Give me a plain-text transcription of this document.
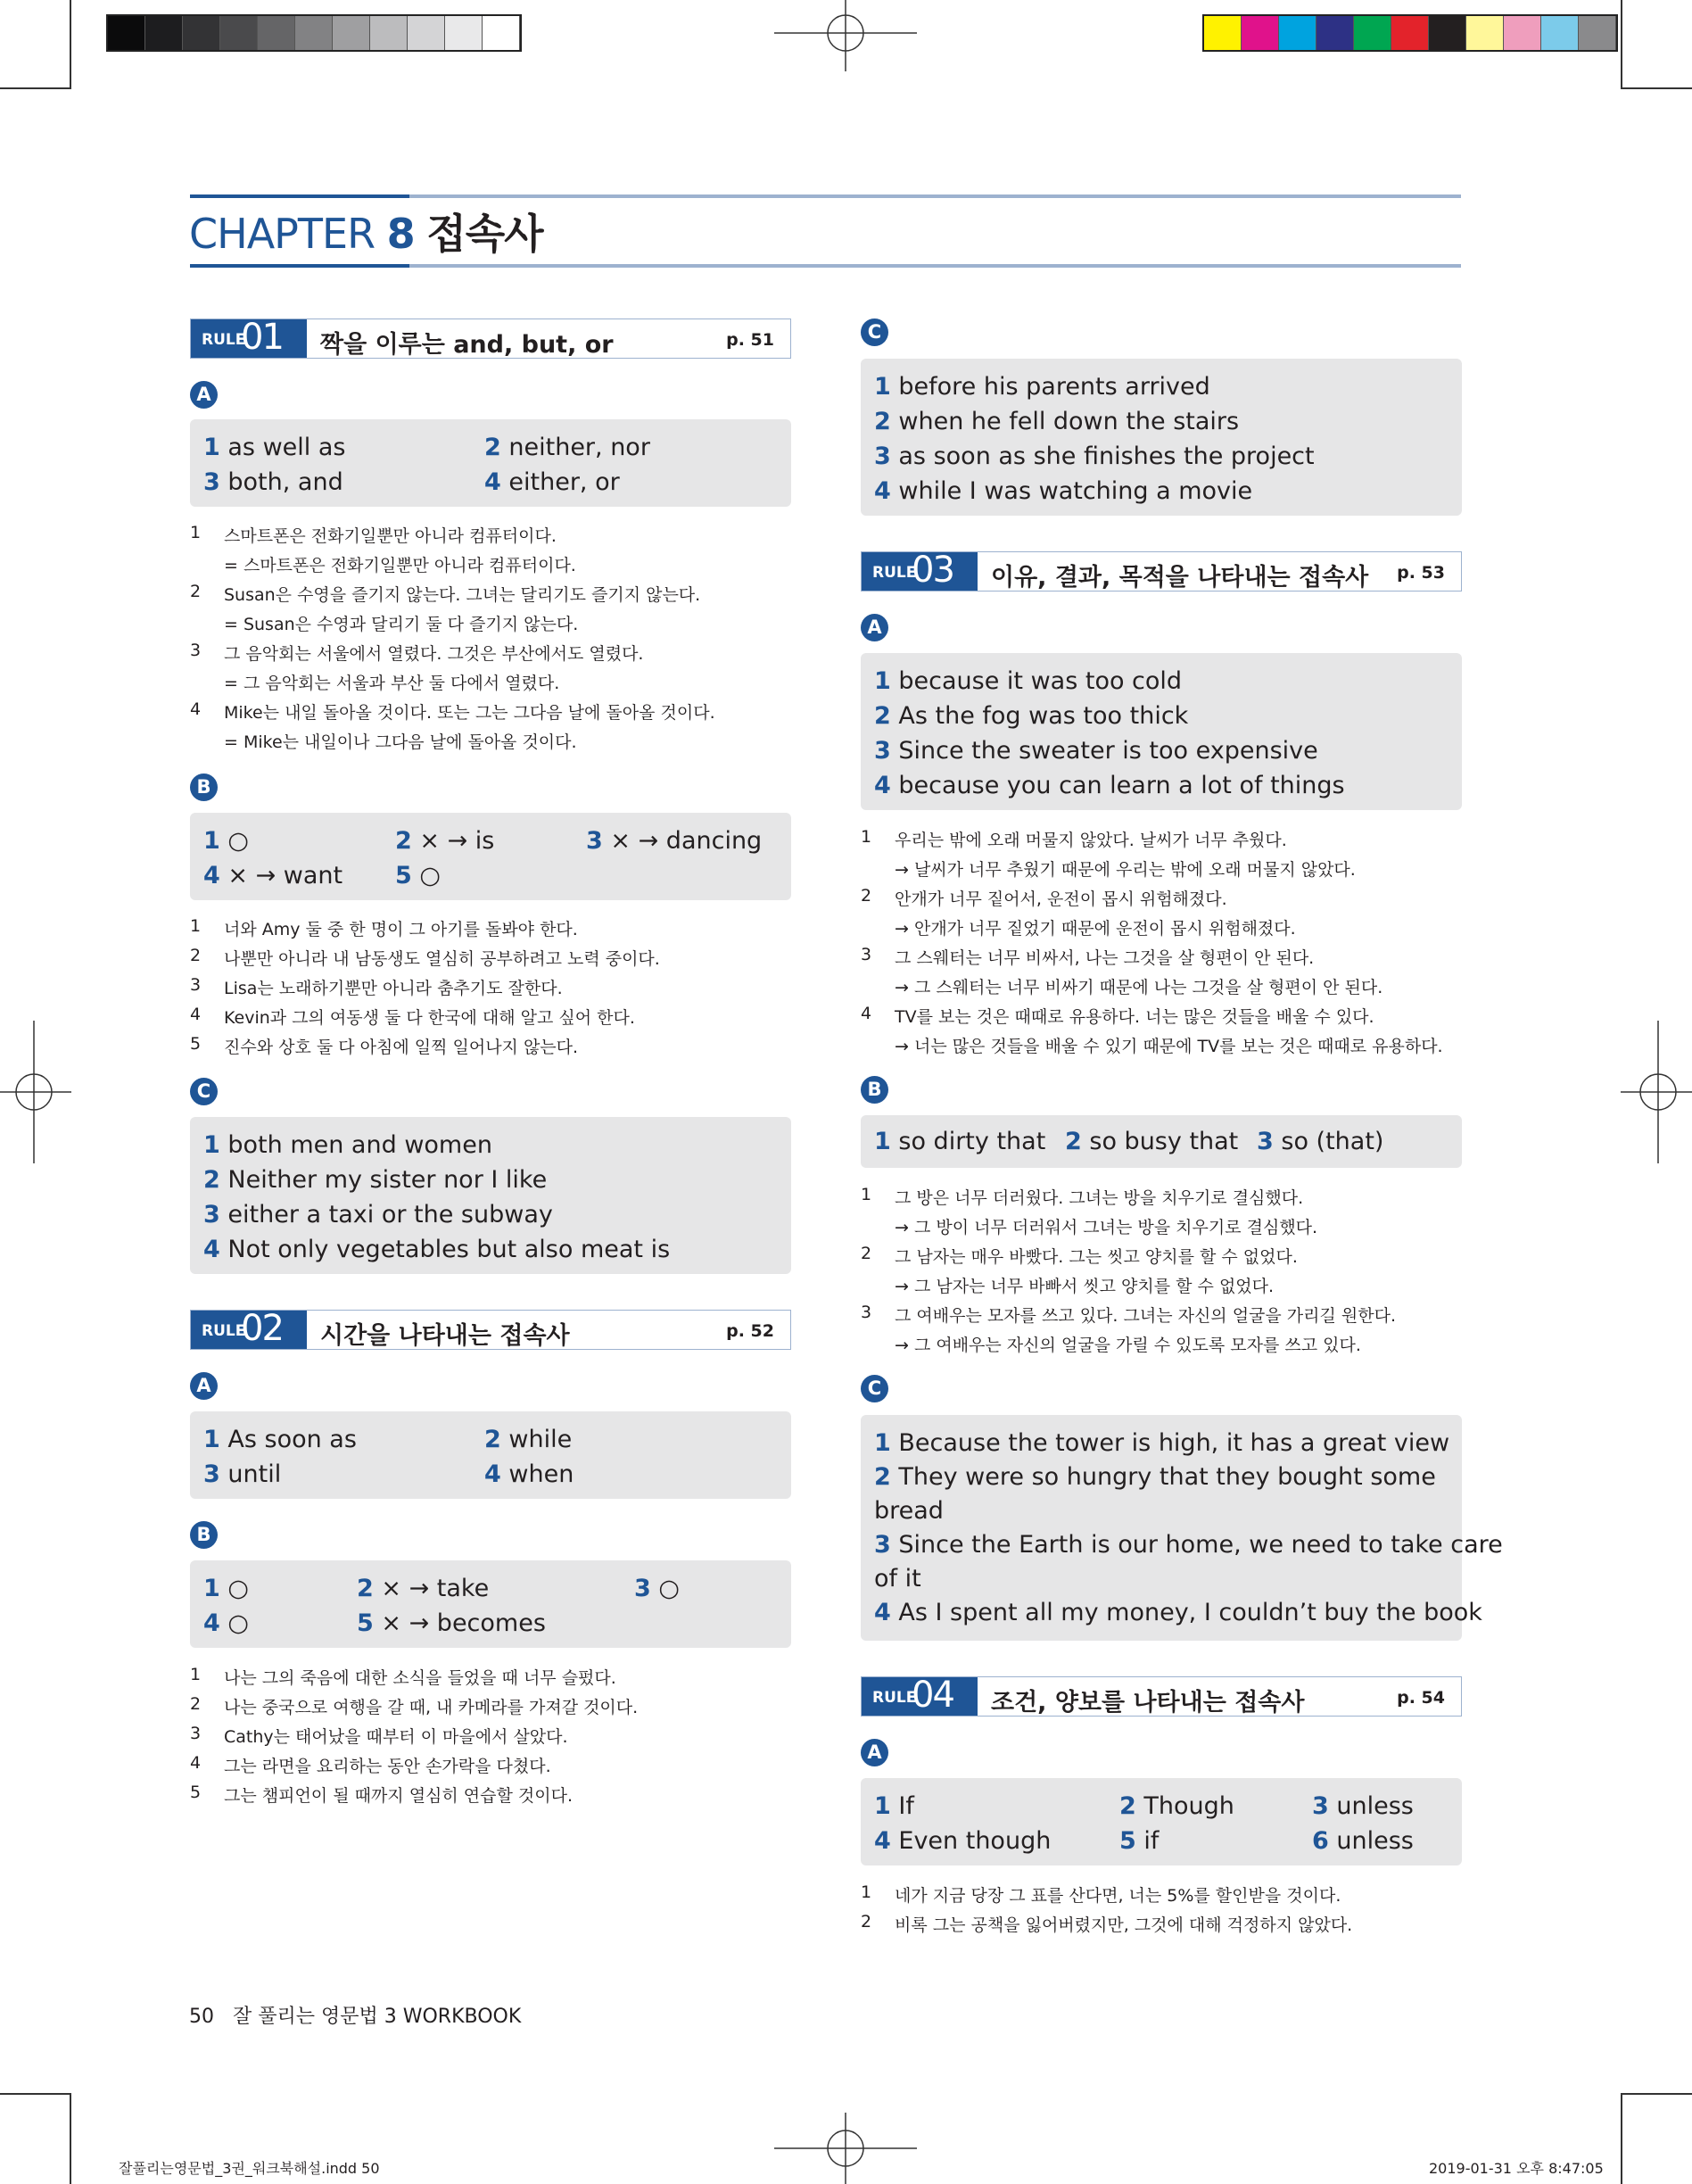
CHAPTER 8 접속사
RULE
01 짝을 이루는 and, but, or	p. 51
A
1 as well as	2 neither, nor
3 both, and	4 either, or
1 스마트폰은 전화기일뿐만 아니라 컴퓨터이다.
= 스마트폰은 전화기일뿐만 아니라 컴퓨터이다.
2 Susan은 수영을 즐기지 않는다. 그녀는 달리기도 즐기지 않는다.
= Susan은 수영과 달리기 둘 다 즐기지 않는다.
3 그 음악회는 서울에서 열렸다. 그것은 부산에서도 열렸다.
= 그 음악회는 서울과 부산 둘 다에서 열렸다.
4 Mike는 내일 돌아올 것이다. 또는 그는 그다음 날에 돌아올 것이다.
= Mike는 내일이나 그다음 날에 돌아올 것이다.
B
1 ○	2 × → is	3 × → dancing
4 × → want 5 ○
1 너와 Amy 둘 중 한 명이 그 아기를 돌봐야 한다.
2 나뿐만 아니라 내 남동생도 열심히 공부하려고 노력 중이다.
3 Lisa는 노래하기뿐만 아니라 춤추기도 잘한다.
4 Kevin과 그의 여동생 둘 다 한국에 대해 알고 싶어 한다.
5 진수와 상호 둘 다 아침에 일찍 일어나지 않는다.
C
1 both men and women
2 Neither my sister nor I like
3 either a taxi or the subway
4 Not only vegetables but also meat is
RULE
02 시간을 나타내는 접속사	p. 52
A
1 As soon as	2 while
3 until	4 when
B
1 ○	2 × → take	3 ○
4 ○	5 × → becomes
1 나는 그의 죽음에 대한 소식을 들었을 때 너무 슬펐다.
2 나는 중국으로 여행을 갈 때, 내 카메라를 가져갈 것이다.
3 Cathy는 태어났을 때부터 이 마을에서 살았다.
4 그는 라면을 요리하는 동안 손가락을 다쳤다.
5 그는 챔피언이 될 때까지 열심히 연습할 것이다.
C
1 before his parents arrived
2 when he fell down the stairs
3 as soon as she finishes the project
4 while I was watching a movie
RULE
03 이유, 결과, 목적을 나타내는 접속사 p. 53
A
1 because it was too cold
2 As the fog was too thick
3 Since the sweater is too expensive
4 because you can learn a lot of things
1 우리는 밖에 오래 머물지 않았다. 날씨가 너무 추웠다.
→ 날씨가 너무 추웠기 때문에 우리는 밖에 오래 머물지 않았다.
2 안개가 너무 짙어서, 운전이 몹시 위험해졌다.
→ 안개가 너무 짙었기 때문에 운전이 몹시 위험해졌다.
3 그 스웨터는 너무 비싸서, 나는 그것을 살 형편이 안 된다.
→ 그 스웨터는 너무 비싸기 때문에 나는 그것을 살 형편이 안 된다.
4 TV를 보는 것은 때때로 유용하다. 너는 많은 것들을 배울 수 있다.
→ 너는 많은 것들을 배울 수 있기 때문에 TV를 보는 것은 때때로 유용하다.
B
1 so dirty that 2 so busy that 3 so (that)
1 그 방은 너무 더러웠다. 그녀는 방을 치우기로 결심했다.
→ 그 방이 너무 더러워서 그녀는 방을 치우기로 결심했다.
2 그 남자는 매우 바빴다. 그는 씻고 양치를 할 수 없었다.
→ 그 남자는 너무 바빠서 씻고 양치를 할 수 없었다.
3 그 여배우는 모자를 쓰고 있다. 그녀는 자신의 얼굴을 가리길 원한다.
→ 그 여배우는 자신의 얼굴을 가릴 수 있도록 모자를 쓰고 있다.
C
1 Because the tower is high, it has a great view
2 They were so hungry that they bought some
bread
3 Since the Earth is our home, we need to take care
of it
4 As I spent all my money, I couldn’t buy the book
RULE
04 조건, 양보를 나타내는 접속사	p. 54
A
1 If	2 Though	3 unless
4 Even though	5 if	6 unless
1 네가 지금 당장 그 표를 산다면, 너는 5%를 할인받을 것이다.
2 비록 그는 공책을 잃어버렸지만, 그것에 대해 걱정하지 않았다.
50 잘 풀리는 영문법 3 WORKBOOK
잘풀리는영문법_3권_워크북해설.indd 50	2019-01-31 오후 8:47:05
